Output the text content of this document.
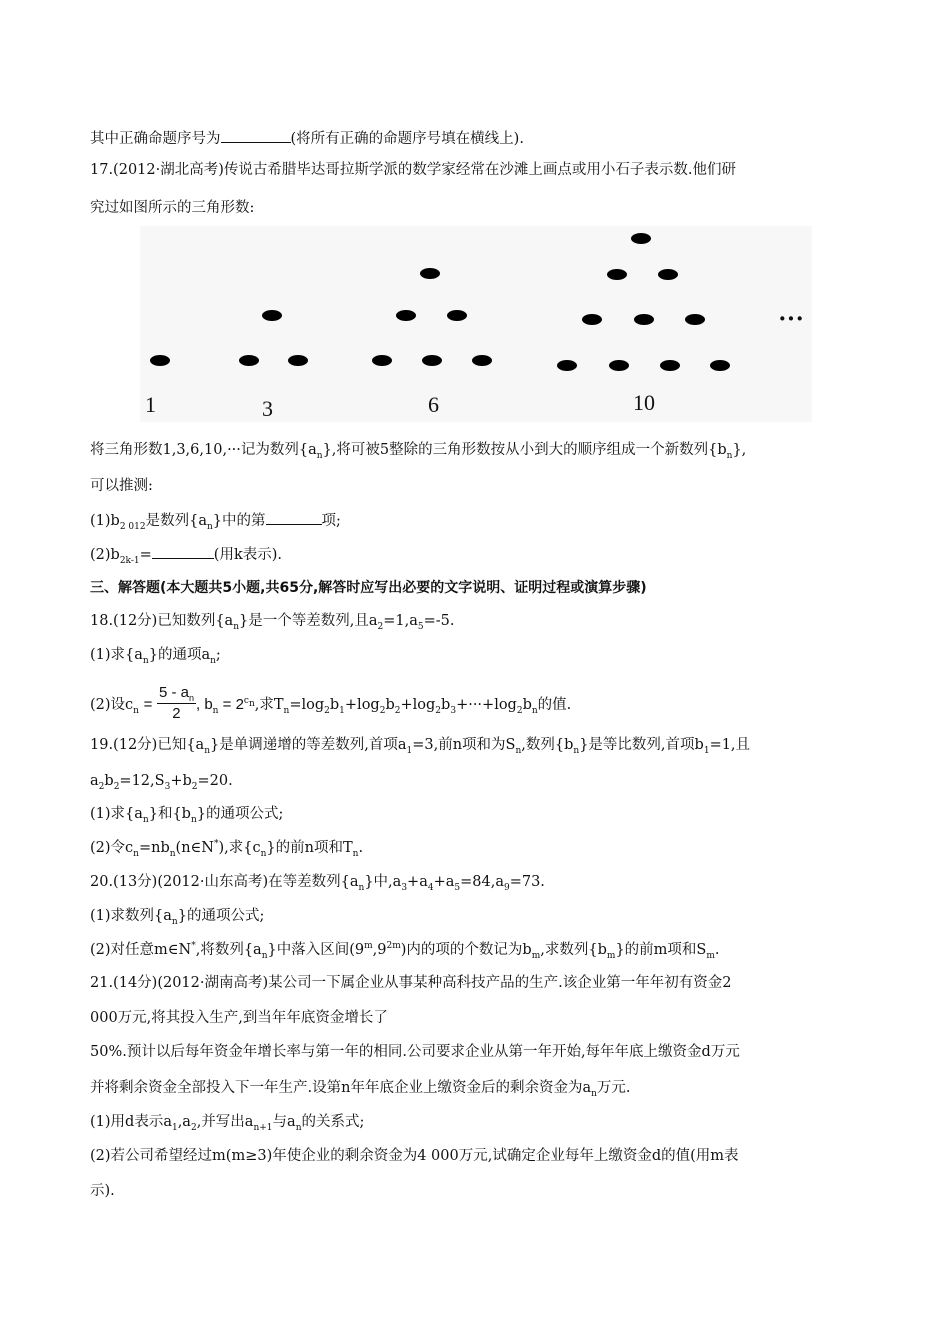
其中正确命题序号为	(将所有正确的命题序号填在横线上).
17.(2012·湖北高考)传说古希腊毕达哥拉斯学派的数学家经常在沙滩上画点或用小石子表示数.他们研
究过如图所示的三角形数:
1	3	6	10
···
将三角形数1,3,6,10,···记为数列$\{a_n\}$,将可被5整除的三角形数按从小到大的顺序组成一个新数列$\{b_n\}$,
可以推测:
$(1)b_{2 012}$是数列$\{a_n\}$中的第	项;
$(2)b_{2k-1}=$	(用k表示).
三、解答题(本大题共5小题,共65分,解答时应写出必要的文字说明、证明过程或演算步骤)
18.(12分)已知数列$\{a_n\}$是一个等差数列,且$a_2=1,a_5=-5$.
(1)求$\{a_n\}$的通项$a_n$;
(2)设$c_n = \frac{5 - a_n}{2}$ , $b_n = 2^{c_n}$,求$T_n=\log_2b_1+\log_2b_2+\log_2b_3+\cdot\cdot\cdot+\log_2b_n$的值.
19.(12分)已知$\{a_n\}$是单调递增的等差数列,首项$a_1=3$,前n项和为$S_n$,数列$\{b_n\}$是等比数列,首项$b_1=1$,且
$a_2b_2=12,S_3+b_2=20$.
(1)求$\{a_n\}$和$\{b_n\}$的通项公式;
(2)令$c_n=nb_n(n\in N^*)$,求$\{c_n\}$的前n项和$T_n$.
20.(13分)(2012·山东高考)在等差数列$\{a_n\}$中$,a_3+a_4+a_5=84,a_9=73$.
(1)求数列$\{a_n\}$的通项公式;
(2)对任意m∈N*,将数列$\{a_n\}$中落入区间$(9^m,9^{2m})$内的项的个数记为$b_m$,求数列$\{b_m\}$的前m项和$S_m$.
21.(14分)(2012·湖南高考)某公司一下属企业从事某种高科技产品的生产.该企业第一年年初有资金2
000万元,将其投入生产,到当年年底资金增长了
50%.预计以后每年资金年增长率与第一年的相同.公司要求企业从第一年开始,每年年底上缴资金d万元
并将剩余资金全部投入下一年生产.设第n年年底企业上缴资金后的剩余资金为$a_n$万元.
(1)用d表示$a_1,a_2$,并写出$a_{n+1}$与$a_n$的关系式;
(2)若公司希望经过m(m≥3)年使企业的剩余资金为4 000万元,试确定企业每年上缴资金d的值(用m表
示).
